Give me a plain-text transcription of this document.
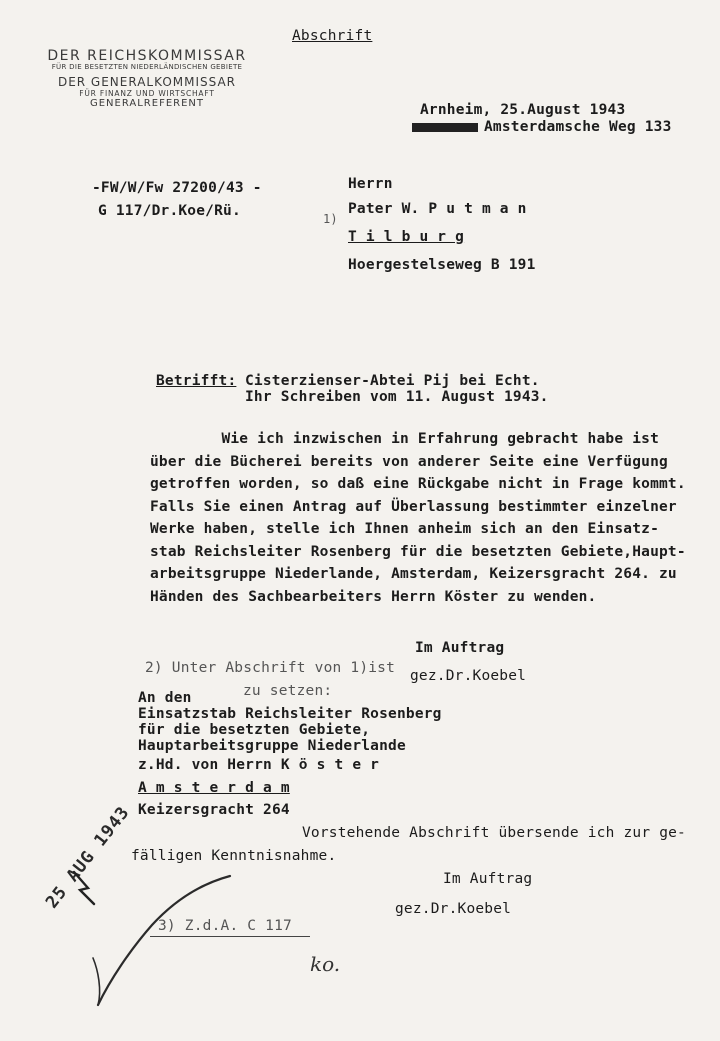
Abschrift
DER REICHSKOMMISSAR
FÜR DIE BESETZTEN NIEDERLÄNDISCHEN GEBIETE
DER GENERALKOMMISSAR
FÜR FINANZ UND WIRTSCHAFT
GENERALREFERENT	Arnheim, 25.August 1943
Amsterdamsche Weg 133
-FW/W/Fw 27200/43 -
G 117/Dr.Koe/Rü.
Herrn
Pater W. P u t m a n
1)
T i l b u r g
Hoergestelseweg B 191
Betrifft: Cisterzienser-Abtei Pij bei Echt.
Ihr Schreiben vom 11. August 1943.
Wie ich inzwischen in Erfahrung gebracht habe ist
über die Bücherei bereits von anderer Seite eine Verfügung
getroffen worden, so daß eine Rückgabe nicht in Frage kommt.
Falls Sie einen Antrag auf Überlassung bestimmter einzelner
Werke haben, stelle ich Ihnen anheim sich an den Einsatz-
stab Reichsleiter Rosenberg für die besetzten Gebiete,Haupt-
arbeitsgruppe Niederlande, Amsterdam, Keizersgracht 264. zu
Händen des Sachbearbeiters Herrn Köster zu wenden.
Im Auftrag
gez.Dr.Koebel
2) Unter Abschrift von 1)ist
zu setzen:
An den
Einsatzstab Reichsleiter Rosenberg
für die besetzten Gebiete,
Hauptarbeitsgruppe Niederlande
z.Hd. von Herrn K ö s t e r
A m s t e r d a m
Keizersgracht 264
Vorstehende Abschrift übersende ich zur ge-
fälligen Kenntnisnahme.
Im Auftrag
gez.Dr.Koebel
3) Z.d.A. C 117
ko.
25 AUG 1943
